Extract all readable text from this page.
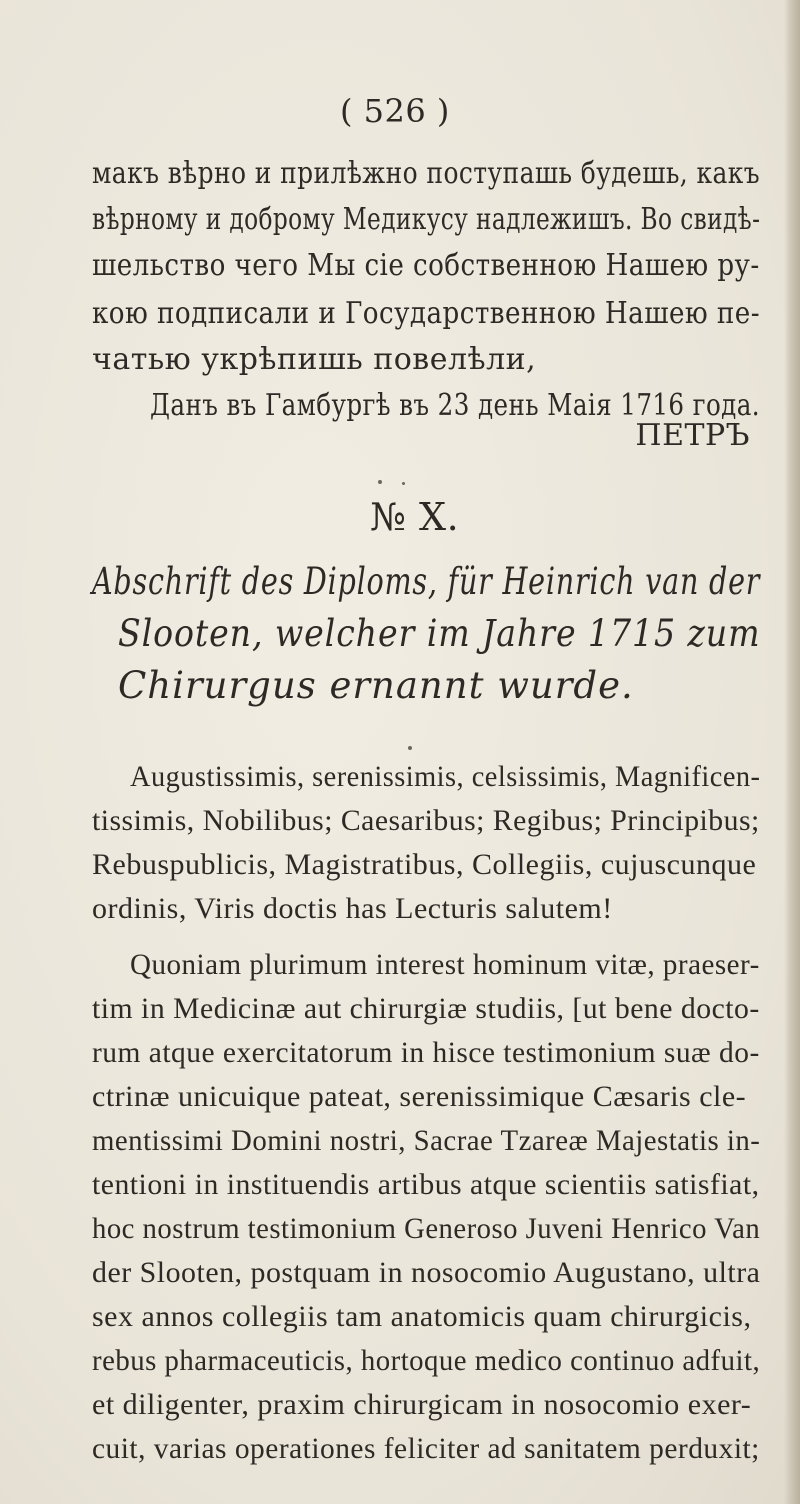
( 526 )
макъ вѣрно и прилѣжно поступашь будешь, какъ
вѣрному и доброму Медикусу надлежишъ. Во свидѣ-
шельство чего Мы сіе собственною Нашею ру-
кою подписали и Государственною Нашею пе-
чатью укрѣпишь повелѣли,
Данъ въ Гамбургѣ въ 23 день Маія 1716 года.
ПЕТРЪ
№ X.
Abschrift des Diploms, für Heinrich van der
Slooten, welcher im Jahre 1715 zum
Chirurgus ernannt wurde.
Augustissimis, serenissimis, celsissimis, Magnificen-
tissimis, Nobilibus; Caesaribus; Regibus; Principibus;
Rebuspublicis, Magistratibus, Collegiis, cujuscunque
ordinis, Viris doctis has Lecturis salutem!
Quoniam plurimum interest hominum vitæ, praeser-
tim in Medicinæ aut chirurgiæ studiis, [ut bene docto-
rum atque exercitatorum in hisce testimonium suæ do-
ctrinæ unicuique pateat, serenissimique Cæsaris cle-
mentissimi Domini nostri, Sacrae Tzareæ Majestatis in-
tentioni in instituendis artibus atque scientiis satisfiat,
hoc nostrum testimonium Generoso Juveni Henrico Van
der Slooten, postquam in nosocomio Augustano, ultra
sex annos collegiis tam anatomicis quam chirurgicis,
rebus pharmaceuticis, hortoque medico continuo adfuit,
et diligenter, praxim chirurgicam in nosocomio exer-
cuit, varias operationes feliciter ad sanitatem perduxit;
